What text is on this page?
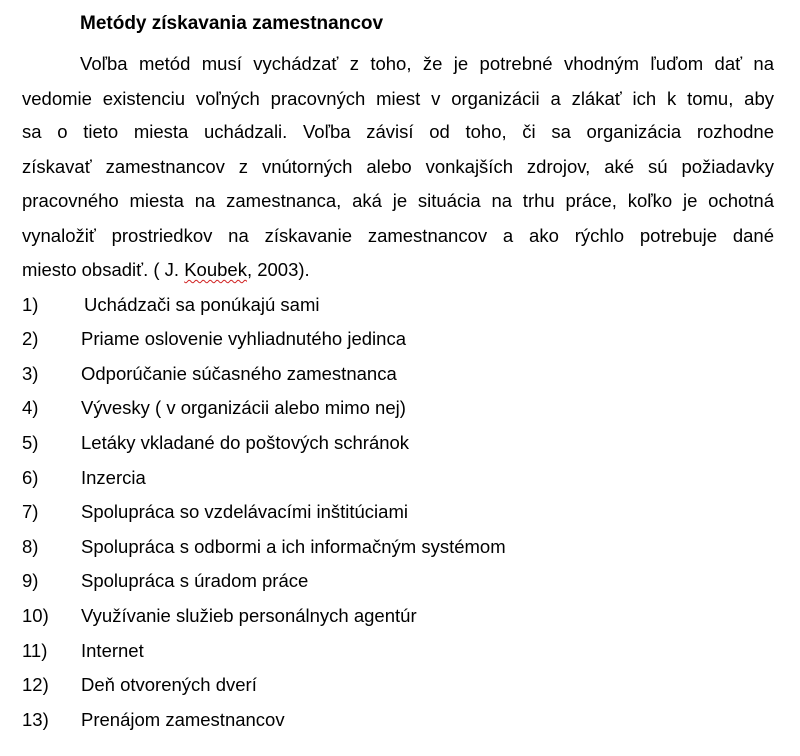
Metódy získavania zamestnancov
Voľba metód musí vychádzať z toho, že je potrebné vhodným ľuďom dať na
vedomie existenciu voľných pracovných miest v organizácii a zlákať ich k tomu, aby
sa o tieto miesta uchádzali. Voľba závisí od toho, či sa organizácia rozhodne
získavať zamestnancov z vnútorných alebo vonkajších zdrojov, aké sú požiadavky
pracovného miesta na zamestnanca, aká je situácia na trhu práce, koľko je ochotná
vynaložiť prostriedkov na získavanie zamestnancov a ako rýchlo potrebuje dané
miesto obsadiť. ( J. Koubek, 2003).
1) Uchádzači sa ponúkajú sami
2) Priame oslovenie vyhliadnutého jedinca
3) Odporúčanie súčasného zamestnanca
4) Vývesky ( v organizácii alebo mimo nej)
5) Letáky vkladané do poštových schránok
6) Inzercia
7) Spolupráca so vzdelávacími inštitúciami
8) Spolupráca s odbormi a ich informačným systémom
9) Spolupráca s úradom práce
10) Využívanie služieb personálnych agentúr
11) Internet
12) Deň otvorených dverí
13) Prenájom zamestnancov
